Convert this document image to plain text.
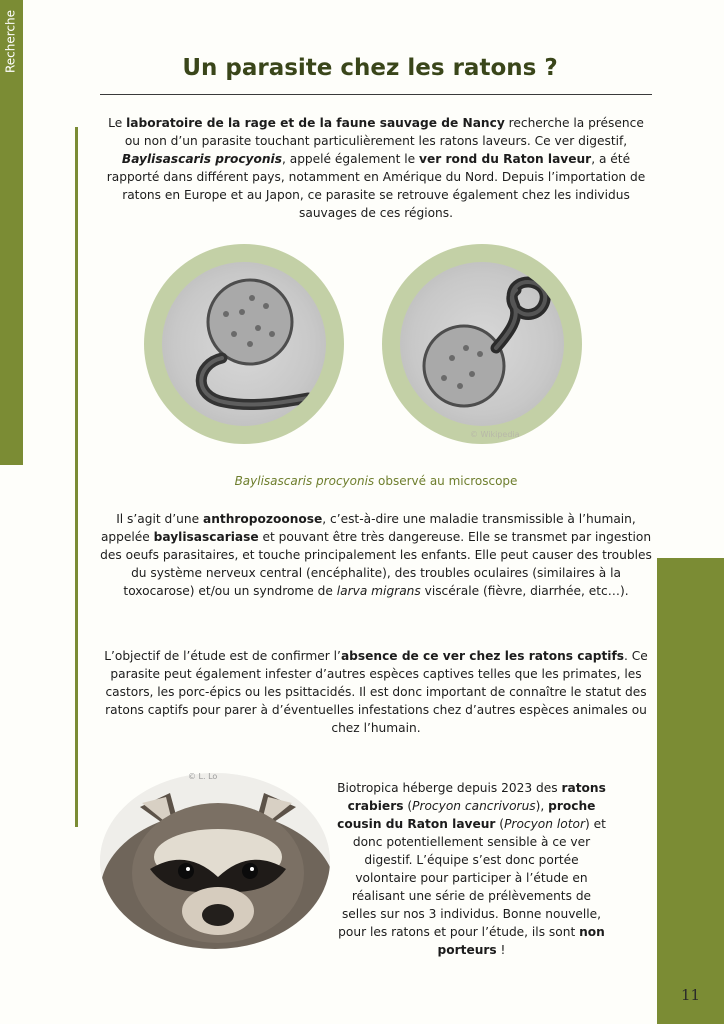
Recherche	Un parasite chez les ratons ?

Le laboratoire de la rage et de la faune sauvage de Nancy recherche la présence ou non d’un parasite touchant particulièrement les ratons laveurs. Ce ver digestif, Baylisascaris procyonis, appelé également le ver rond du Raton laveur, a été rapporté dans différent pays, notamment en Amérique du Nord. Depuis l’importation de ratons en Europe et au Japon, ce parasite se retrouve également chez les individus sauvages de ces régions.

© Wikipedia

Baylisascaris procyonis observé au microscope

Il s’agit d’une anthropozoonose, c’est-à-dire une maladie transmissible à l’humain, appelée baylisascariase et pouvant être très dangereuse. Elle se transmet par ingestion des oeufs parasitaires, et touche principalement les enfants. Elle peut causer des troubles du système nerveux central (encéphalite), des troubles oculaires (similaires à la toxocarose) et/ou un syndrome de larva migrans viscérale (fièvre, diarrhée, etc…).

L’objectif de l’étude est de confirmer l’absence de ce ver chez les ratons captifs. Ce parasite peut également infester d’autres espèces captives telles que les primates, les castors, les porc-épics ou les psittacidés. Il est donc important de connaître le statut des ratons captifs pour parer à d’éventuelles infestations chez d’autres espèces animales ou chez l’humain.

© L. Lo

Biotropica héberge depuis 2023 des ratons crabiers (Procyon cancrivorus), proche cousin du Raton laveur (Procyon lotor) et donc potentiellement sensible à ce ver digestif. L’équipe s’est donc portée volontaire pour participer à l’étude en réalisant une série de prélèvements de selles sur nos 3 individus. Bonne nouvelle, pour les ratons et pour l’étude, ils sont non porteurs !

11
